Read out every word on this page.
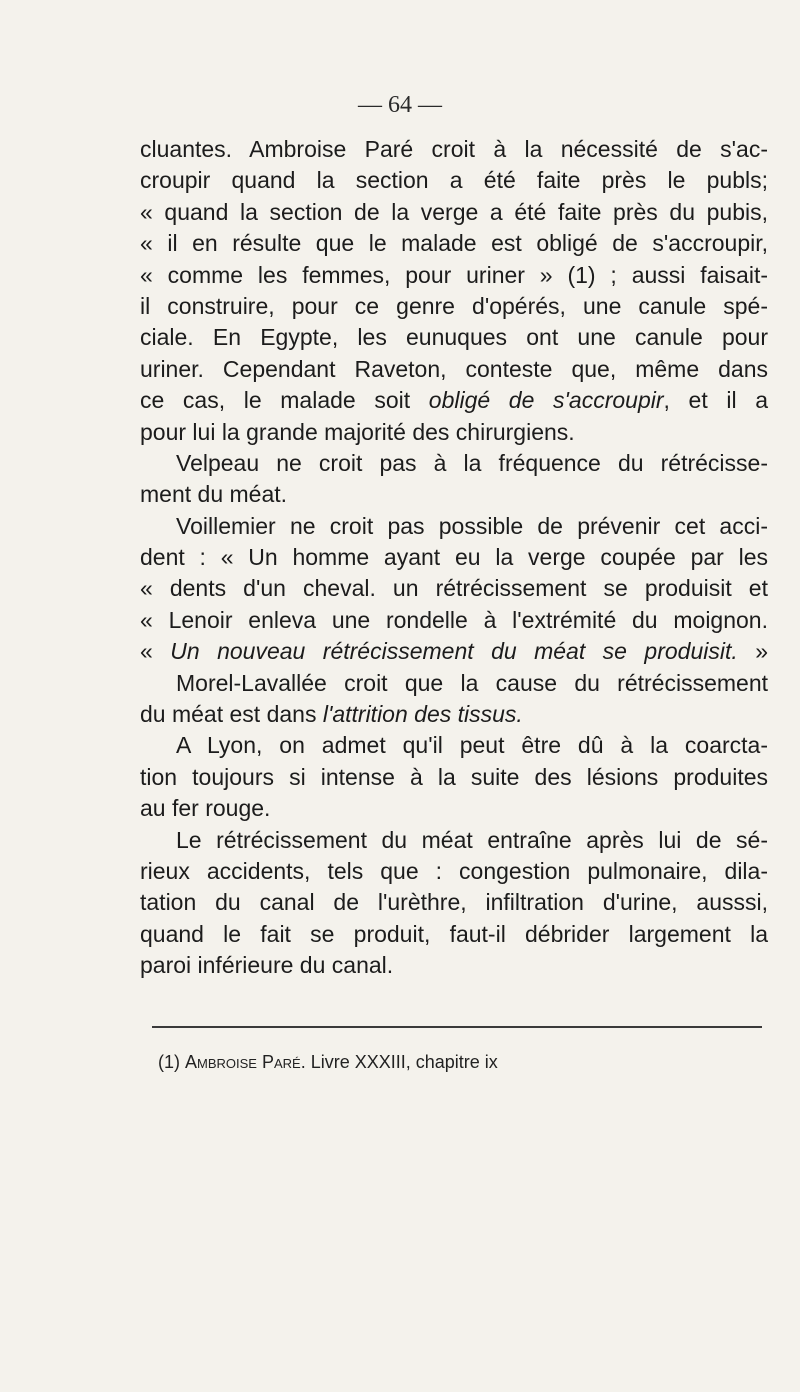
— 64 —
cluantes. Ambroise Paré croit à la nécessité de s'ac-
croupir quand la section a été faite près le publs;
« quand la section de la verge a été faite près du pubis,
« il en résulte que le malade est obligé de s'accroupir,
« comme les femmes, pour uriner » (1) ; aussi faisait-
il construire, pour ce genre d'opérés, une canule spé-
ciale. En Egypte, les eunuques ont une canule pour
uriner. Cependant Raveton, conteste que, même dans
ce cas, le malade soit obligé de s'accroupir, et il a
pour lui la grande majorité des chirurgiens.
Velpeau ne croit pas à la fréquence du rétrécisse-
ment du méat.
Voillemier ne croit pas possible de prévenir cet acci-
dent : « Un homme ayant eu la verge coupée par les
« dents d'un cheval. un rétrécissement se produisit et
« Lenoir enleva une rondelle à l'extrémité du moignon.
« Un nouveau rétrécissement du méat se produisit. »
Morel-Lavallée croit que la cause du rétrécissement
du méat est dans l'attrition des tissus.
A Lyon, on admet qu'il peut être dû à la coarcta-
tion toujours si intense à la suite des lésions produites
au fer rouge.
Le rétrécissement du méat entraîne après lui de sé-
rieux accidents, tels que : congestion pulmonaire, dila-
tation du canal de l'urèthre, infiltration d'urine, ausssi,
quand le fait se produit, faut-il débrider largement la
paroi inférieure du canal.
(1) Ambroise Paré. Livre XXXIII, chapitre ix
